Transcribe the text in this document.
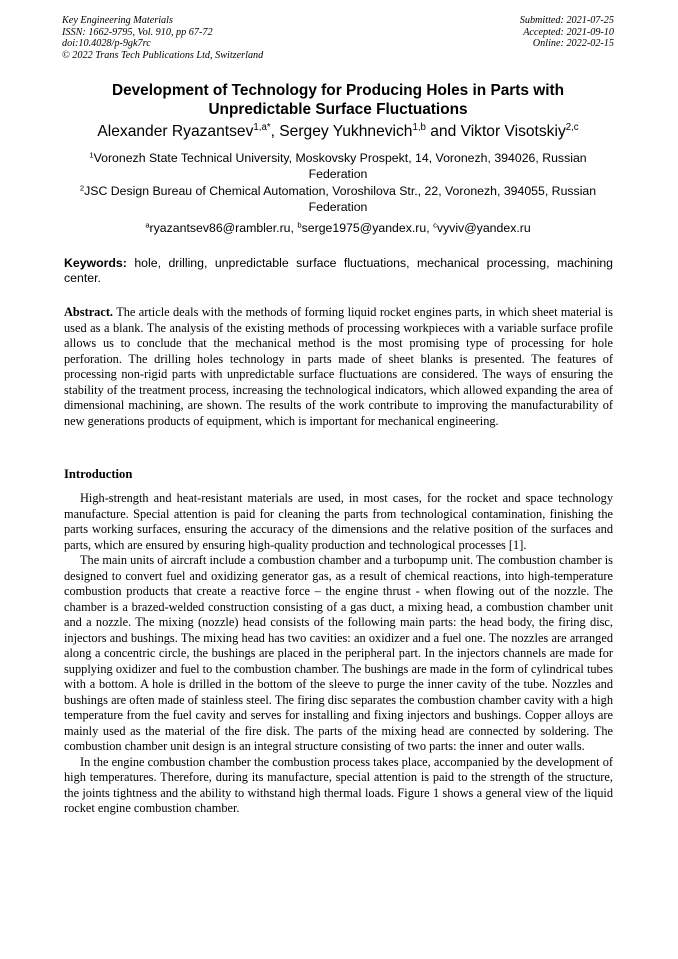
Key Engineering Materials
ISSN: 1662-9795, Vol. 910, pp 67-72
doi:10.4028/p-9gk7rc
© 2022 Trans Tech Publications Ltd, Switzerland
Submitted: 2021-07-25
Accepted: 2021-09-10
Online: 2022-02-15
Development of Technology for Producing Holes in Parts with Unpredictable Surface Fluctuations
Alexander Ryazantsev$^{1,a*}$, Sergey Yukhnevich$^{1,b}$ and Viktor Visotskiy$^{2,c}$
$^1$Voronezh State Technical University, Moskovsky Prospekt, 14, Voronezh, 394026, Russian Federation
$^2$JSC Design Bureau of Chemical Automation, Voroshilova Str., 22, Voronezh, 394055, Russian Federation
$^a$ryazantsev86@rambler.ru, $^b$serge1975@yandex.ru, $^c$vyviv@yandex.ru
Keywords: hole, drilling, unpredictable surface fluctuations, mechanical processing, machining center.
Abstract. The article deals with the methods of forming liquid rocket engines parts, in which sheet material is used as a blank. The analysis of the existing methods of processing workpieces with a variable surface profile allows us to conclude that the mechanical method is the most promising type of processing for hole perforation. The drilling holes technology in parts made of sheet blanks is presented. The features of processing non-rigid parts with unpredictable surface fluctuations are considered. The ways of ensuring the stability of the treatment process, increasing the technological indicators, which allowed expanding the area of dimensional machining, are shown. The results of the work contribute to improving the manufacturability of new generations products of equipment, which is important for mechanical engineering.
Introduction

High-strength and heat-resistant materials are used, in most cases, for the rocket and space technology manufacture. Special attention is paid for cleaning the parts from technological contamination, finishing the parts working surfaces, ensuring the accuracy of the dimensions and the relative position of the surfaces and parts, which are ensured by ensuring high-quality production and technological processes [1].

The main units of aircraft include a combustion chamber and a turbopump unit. The combustion chamber is designed to convert fuel and oxidizing generator gas, as a result of chemical reactions, into high-temperature combustion products that create a reactive force – the engine thrust - when flowing out of the nozzle. The chamber is a brazed-welded construction consisting of a gas duct, a mixing head, a combustion chamber unit and a nozzle. The mixing (nozzle) head consists of the following main parts: the head body, the firing disc, injectors and bushings. The mixing head has two cavities: an oxidizer and a fuel one. The nozzles are arranged along a concentric circle, the bushings are placed in the peripheral part. In the injectors channels are made for supplying oxidizer and fuel to the combustion chamber. The bushings are made in the form of cylindrical tubes with a bottom. A hole is drilled in the bottom of the sleeve to purge the inner cavity of the tube. Nozzles and bushings are often made of stainless steel. The firing disc separates the combustion chamber cavity with a high temperature from the fuel cavity and serves for installing and fixing injectors and bushings. Copper alloys are mainly used as the material of the fire disk. The parts of the mixing head are connected by soldering. The combustion chamber unit design is an integral structure consisting of two parts: the inner and outer walls.

In the engine combustion chamber the combustion process takes place, accompanied by the development of high temperatures. Therefore, during its manufacture, special attention is paid to the strength of the structure, the joints tightness and the ability to withstand high thermal loads. Figure 1 shows a general view of the liquid rocket engine combustion chamber.
